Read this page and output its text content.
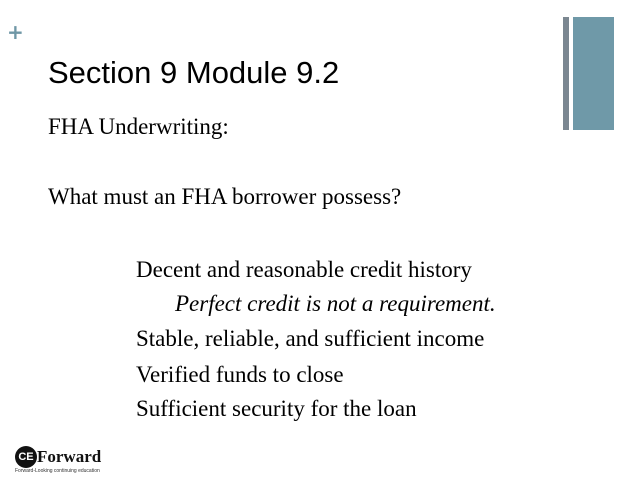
+
Section 9 Module 9.2
FHA Underwriting:
What must an FHA borrower possess?
Decent and reasonable credit history
Perfect credit is not a requirement.
Stable, reliable, and sufficient income
Verified funds to close
Sufficient security for the loan
CE Forward
Forward-Looking continuing education
